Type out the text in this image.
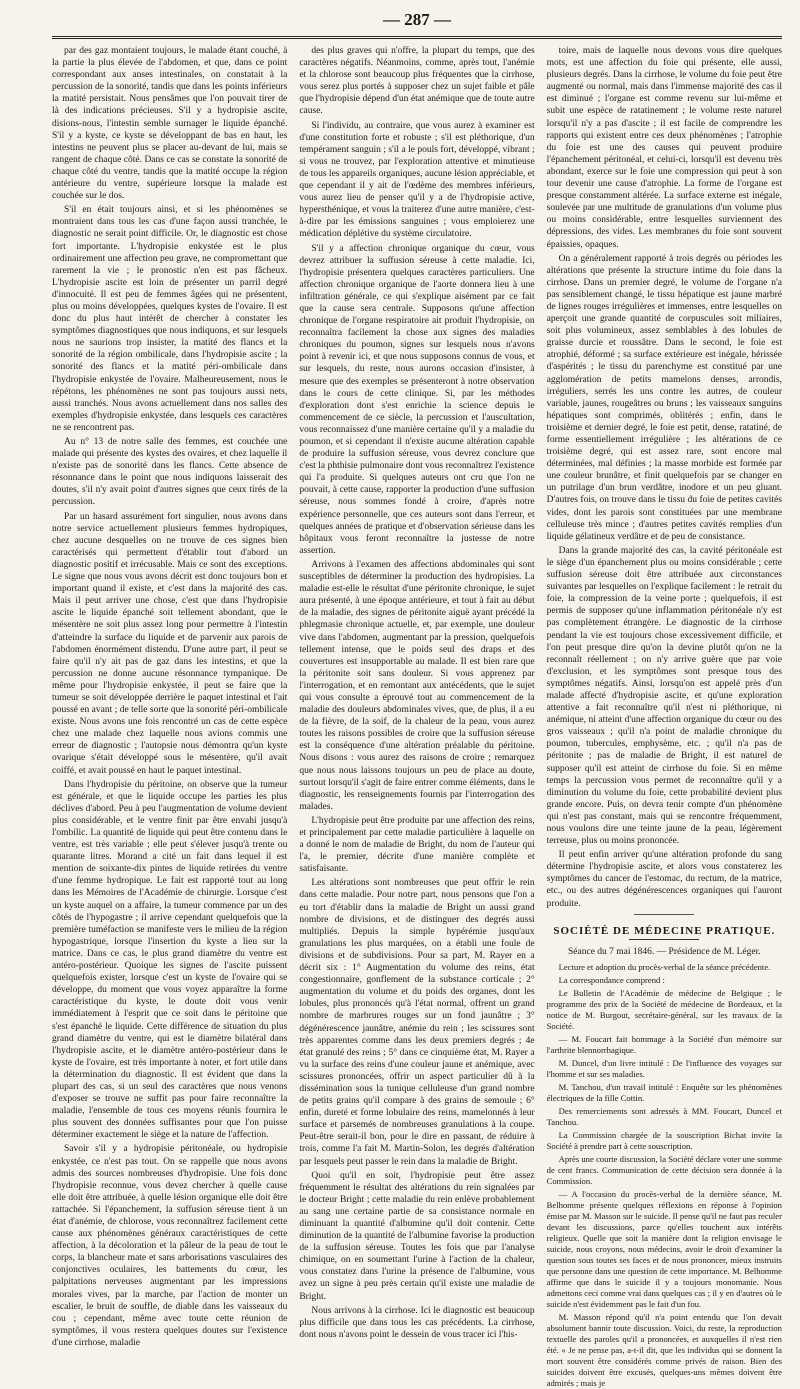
— 287 —

par des gaz montaient toujours, le malade étant couché, à la partie la plus élevée de l'abdomen, et que, dans ce point correspondant aux anses intestinales, on constatait à la percussion de la sonorité, tandis que dans les points inférieurs la matité persistait. Nous pensâmes que l'on pouvait tirer de là des indications précieuses. S'il y a hydropisie ascite, disions-nous, l'intestin semble surnager le liquide épanché. S'il y a kyste, ce kyste se développant de bas en haut, les intestins ne peuvent plus se placer au-devant de lui, mais se rangent de chaque côté. Dans ce cas se constate la sonorité de chaque côté du ventre, tandis que la matité occupe la région antérieure du ventre, supérieure lorsque la malade est couchée sur le dos.

S'il en était toujours ainsi, et si les phénomènes se montraient dans tous les cas d'une façon aussi tranchée, le diagnostic ne serait point difficile. Or, le diagnostic est chose fort importante. L'hydropisie enkystée est le plus ordinairement une affection peu grave, ne compromettant que rarement la vie ; le pronostic n'en est pas fâcheux. L'hydropisie ascite est loin de présenter un parril degré d'innocuité. Il est peu de femmes âgées qui ne présentent, plus ou moins développées, quelques kystes de l'ovaire. Il est donc du plus haut intérêt de chercher à constater les symptômes diagnostiques que nous indiquons, et sur lesquels nous ne saurions trop insister, la matité des flancs et la sonorité de la région ombilicale, dans l'hydropisie ascite ; la sonorité des flancs et la matité péri-ombilicale dans l'hydropisie enkystée de l'ovaire. Malheureusement, nous le répétons, les phénomènes ne sont pas toujours aussi nets, aussi tranchés. Nous avons actuellement dans nos salles des exemples d'hydropisie enkystée, dans lesquels ces caractères ne se rencontrent pas.

Au n° 13 de notre salle des femmes, est couchée une malade qui présente des kystes des ovaires, et chez laquelle il n'existe pas de sonorité dans les flancs. Cette absence de résonnance dans le point que nous indiquons laisserait des doutes, s'il n'y avait point d'autres signes que ceux tirés de la percussion.

Par un hasard assurément fort singulier, nous avons dans notre service actuellement plusieurs femmes hydropiques, chez aucune desquelles on ne trouve de ces signes bien caractérisés qui permettent d'établir tout d'abord un diagnostic positif et irrécusable. Mais ce sont des exceptions. Le signe que nous vous avons décrit est donc toujours bon et important quand il existe, et c'est dans la majorité des cas. Mais il peut arriver une chose, c'est que dans l'hydropisie ascite le liquide épanché soit tellement abondant, que le mésentère ne soit plus assez long pour permettre à l'intestin d'atteindre la surface du liquide et de parvenir aux parois de l'abdomen énormément distendu. D'une autre part, il peut se faire qu'il n'y ait pas de gaz dans les intestins, et que la percussion ne donne aucune résonnance tympanique. De même pour l'hydropisie enkystée, il peut se faire que la tumeur se soit développée derrière le paquet intestinal et l'ait poussé en avant ; de telle sorte que la sonorité péri-ombilicale existe. Nous avons une fois rencontré un cas de cette espèce chez une malade chez laquelle nous avions commis une erreur de diagnostic ; l'autopsie nous démontra qu'un kyste ovarique s'était développé sous le mésentère, qu'il avait coiffé, et avait poussé en haut le paquet intestinal.

Dans l'hydropisie du péritoine, on observe que la tumeur est générale, et que le liquide occupe les parties les plus déclives d'abord. Peu à peu l'augmentation de volume devient plus considérable, et le ventre finit par être envahi jusqu'à l'ombilic. La quantité de liquide qui peut être contenu dans le ventre, est très variable ; elle peut s'élever jusqu'à trente ou quarante litres. Morand a cité un fait dans lequel il est mention de soixante-dix pintes de liquide retirées du ventre d'une femme hydropique. Le fait est rapporté tout au long dans les Mémoires de l'Académie de chirurgie. Lorsque c'est un kyste auquel on a affaire, la tumeur commence par un des côtés de l'hypogastre ; il arrive cependant quelquefois que la première tuméfaction se manifeste vers le milieu de la région hypogastrique, lorsque l'insertion du kyste a lieu sur la matrice. Dans ce cas, le plus grand diamètre du ventre est antéro-postérieur. Quoique les signes de l'ascite puissent quelquefois exister, lorsque c'est un kyste de l'ovaire qui se développe, du moment que vous voyez apparaître la forme caractéristique du kyste, le doute doit vous venir immédiatement à l'esprit que ce soit dans le péritoine que s'est épanché le liquide. Cette différence de situation du plus grand diamètre du ventre, qui est le diamètre bilatéral dans l'hydropisie ascite, et le diamètre antéro-postérieur dans le kyste de l'ovaire, est très importante à noter, et fort utile dans la détermination du diagnostic. Il est évident que dans la plupart des cas, si un seul des caractères que nous venons d'exposer se trouve ne suffit pas pour faire reconnaître la maladie, l'ensemble de tous ces moyens réunis fournira le plus souvent des données suffisantes pour que l'on puisse déterminer exactement le siège et la nature de l'affection.

Savoir s'il y a hydropisie péritonéale, ou hydropisie enkystée, ce n'est pas tout. On se rappelle que nous avons admis des sources nombreuses d'hydropisie. Une fois donc l'hydropisie reconnue, vous devez chercher à quelle cause elle doit être attribuée, à quelle lésion organique elle doit être rattachée. Si l'épanchement, la suffusion séreuse tient à un état d'anémie, de chlorose, vous reconnaîtrez facilement cette cause aux phénomènes généraux caractéristiques de cette affection, à la décoloration et la pâleur de la peau de tout le corps, la blancheur mate et sans arborisations vasculaires des conjonctives oculaires, les battements du cœur, les palpitations nerveuses augmentant par les impressions morales vives, par la marche, par l'action de monter un escalier, le bruit de souffle, de diable dans les vaisseaux du cou ; cependant, même avec toute cette réunion de symptômes, il vous restera quelques doutes sur l'existence d'une cirrhose, maladie

des plus graves qui n'offre, la plupart du temps, que des caractères négatifs. Néanmoins, comme, après tout, l'anémie et la chlorose sont beaucoup plus fréquentes que la cirrhose, vous serez plus portés à supposer chez un sujet faible et pâle que l'hydropisie dépend d'un état anémique que de toute autre cause.

Si l'individu, au contraire, que vous aurez à examiner est d'une constitution forte et robuste ; s'il est pléthorique, d'un tempérament sanguin ; s'il a le pouls fort, développé, vibrant ; si vous ne trouvez, par l'exploration attentive et minutieuse de tous les appareils organiques, aucune lésion appréciable, et que cependant il y ait de l'œdème des membres inférieurs, vous aurez lieu de penser qu'il y a de l'hydropisie active, hypersthénique, et vous la traiterez d'une autre manière, c'est-à-dire par les émissions sanguines ; vous emploierez une médication déplétive du système circulatoire.

S'il y a affection chronique organique du cœur, vous devrez attribuer la suffusion séreuse à cette maladie. Ici, l'hydropisie présentera quelques caractères particuliers. Une affection chronique organique de l'aorte donnera lieu à une infiltration générale, ce qui s'explique aisément par ce fait que la cause sera centrale. Supposons qu'une affection chronique de l'organe respiratoire ait produit l'hydropisie, on reconnaîtra facilement la chose aux signes des maladies chroniques du poumon, signes sur lesquels nous n'avons point à revenir ici, et que nous supposons connus de vous, et sur lesquels, du reste, nous aurons occasion d'insister, à mesure que des exemples se présenteront à notre observation dans le cours de cette clinique. Si, par les méthodes d'exploration dont s'est enrichie la science depuis le commencement de ce siècle, la percussion et l'auscultation, vous reconnaissez d'une manière certaine qu'il y a maladie du poumon, et si cependant il n'existe aucune altération capable de produire la suffusion séreuse, vous devrez conclure que c'est la phthisie pulmonaire dont vous reconnaîtrez l'existence qui l'a produite. Si quelques auteurs ont cru que l'on ne pouvait, à cette cause, rapporter la production d'une suffusion séreuse, nous sommes fondé à croire, d'après notre expérience personnelle, que ces auteurs sont dans l'erreur, et quelques années de pratique et d'observation sérieuse dans les hôpitaux vous feront reconnaître la justesse de notre assertion.

Arrivons à l'examen des affections abdominales qui sont susceptibles de déterminer la production des hydropisies. La maladie est-elle le résultat d'une péritonite chronique, le sujet aura présenté, à une époque antérieure, et tout à fait au début de la maladie, des signes de péritonite aiguë ayant précédé la phlegmasie chronique actuelle, et, par exemple, une douleur vive dans l'abdomen, augmentant par la pression, quelquefois tellement intense, que le poids seul des draps et des couvertures est insupportable au malade. Il est bien rare que la péritonite soit sans douleur. Si vous apprenez par l'interrogation, et en remontant aux antécédents, que le sujet qui vous consulte a éprouvé tout au commencement de la maladie des douleurs abdominales vives, que, de plus, il a eu de la fièvre, de la soif, de la chaleur de la peau, vous aurez toutes les raisons possibles de croire que la suffusion séreuse est la conséquence d'une altération préalable du péritoine. Nous disons : vous aurez des raisons de croire ; remarquez que nous nous laissons toujours un peu de place au doute, surtout lorsqu'il s'agit de faire entrer comme éléments, dans le diagnostic, les renseignements fournis par l'interrogation des malades.

L'hydropisie peut être produite par une affection des reins, et principalement par cette maladie particulière à laquelle on a donné le nom de maladie de Bright, du nom de l'auteur qui l'a, le premier, décrite d'une manière complète et satisfaisante.

Les altérations sont nombreuses que peut offrir le rein dans cette maladie. Pour notre part, nous pensons que l'on a eu tort d'établir dans la maladie de Bright un aussi grand nombre de divisions, et de distinguer des degrés aussi multipliés. Depuis la simple hypérémie jusqu'aux granulations les plus marquées, on a établi une foule de divisions et de subdivisions. Pour sa part, M. Rayer en a décrit six : 1° Augmentation du volume des reins, état congestionnaire, gonflement de la substance corticale ; 2° augmentation du volume et du poids des organes, dont les lobules, plus prononcés qu'à l'état normal, offrent un grand nombre de marbrures rouges sur un fond jaunâtre ; 3° dégénérescence jaunâtre, anémie du rein ; les scissures sont très apparentes comme dans les deux premiers degrés ; 4e état granulé des reins ; 5° dans ce cinquième état, M. Rayer a vu la surface des reins d'une couleur jaune et anémique, avec scissures prononcées, offrir un aspect particulier dû à la dissémination sous la tunique celluleuse d'un grand nombre de petits grains qu'il compare à des grains de semoule ; 6° enfin, dureté et forme lobulaire des reins, mamelonnés à leur surface et parsemés de nombreuses granulations à la coupe. Peut-être serait-il bon, pour le dire en passant, de réduire à trois, comme l'a fait M. Martin-Solon, les degrés d'altération par lesquels peut passer le rein dans la maladie de Bright.

Quoi qu'il en soit, l'hydropisie peut être assez fréquemment le résultat des altérations du rein signalées par le docteur Bright ; cette maladie du rein enlève probablement au sang une certaine partie de sa consistance normale en diminuant la quantité d'albumine qu'il doit contenir. Cette diminution de la quantité de l'albumine favorise la production de la suffusion séreuse. Toutes les fois que par l'analyse chimique, on en soumettant l'urine à l'action de la chaleur, vous constatez dans l'urine la présence de l'albumine, vous avez un signe à peu près certain qu'il existe une maladie de Bright.

Nous arrivons à la cirrhose. Ici le diagnostic est beaucoup plus difficile que dans tous les cas précédents. La cirrhose, dont nous n'avons point le dessein de vous tracer ici l'his-

toire, mais de laquelle nous devons vous dire quelques mots, est une affection du foie qui présente, elle aussi, plusieurs degrés. Dans la cirrhose, le volume du foie peut être augmenté ou normal, mais dans l'immense majorité des cas il est diminué ; l'organe est comme revenu sur lui-même et subit une espèce de ratatinement ; le volume reste naturel lorsqu'il n'y a pas d'ascite ; il est facile de comprendre les rapports qui existent entre ces deux phénomènes ; l'atrophie du foie est une des causes qui peuvent produire l'épanchement péritonéal, et celui-ci, lorsqu'il est devenu très abondant, exerce sur le foie une compression qui peut à son tour devenir une cause d'atrophie. La forme de l'organe est presque constamment altérée. La surface externe est inégale, soulevée par une multitude de granulations d'un volume plus ou moins considérable, entre lesquelles surviennent des dépressions, des vides. Les membranes du foie sont souvent épaissies, opaques.

On a généralement rapporté à trois degrés ou périodes les altérations que présente la structure intime du foie dans la cirrhose. Dans un premier degré, le volume de l'organe n'a pas sensiblement changé, le tissu hépatique est jaune marbré de lignes rouges irrégulières et immenses, entre lesquelles on aperçoit une grande quantité de corpuscules soit miliaires, soit plus volumineux, assez semblables à des lobules de graisse durcie et roussâtre. Dans le second, le foie est atrophié, déformé ; sa surface extérieure est inégale, hérissée d'aspérités ; le tissu du parenchyme est constitué par une agglomération de petits mamelons denses, arrondis, irréguliers, serrés les uns contre les autres, de couleur variable, jaunes, rougeâtres ou bruns ; les vaisseaux sanguins hépatiques sont comprimés, oblitérés ; enfin, dans le troisième et dernier degré, le foie est petit, dense, ratatiné, de forme essentiellement irrégulière ; les altérations de ce troisième degré, qui est assez rare, sont encore mal déterminées, mal définies ; la masse morbide est formée par une couleur brunâtre, et finit quelquefois par se changer en un putrilage d'un brun verdâtre, inodore et un peu gluant. D'autres fois, on trouve dans le tissu du foie de petites cavités vides, dont les parois sont constituées par une membrane celluleuse très mince ; d'autres petites cavités remplies d'un liquide gélatineux verdâtre et de peu de consistance.

Dans la grande majorité des cas, la cavité péritonéale est le siège d'un épanchement plus ou moins considérable ; cette suffusion séreuse doit être attribuée aux circonstances suivantes par lesquelles on l'explique facilement : le retrait du foie, la compression de la veine porte ; quelquefois, il est permis de supposer qu'une inflammation péritonéale n'y est pas complètement étrangère. Le diagnostic de la cirrhose pendant la vie est toujours chose excessivement difficile, et l'on peut presque dire qu'on la devine plutôt qu'on ne la reconnaît réellement ; on n'y arrive guère que par voie d'exclusion, et les symptômes sont presque tous des symptômes négatifs. Ainsi, lorsqu'on est appelé près d'un malade affecté d'hydropisie ascite, et qu'une exploration attentive a fait reconnaître qu'il n'est ni pléthorique, ni anémique, ni atteint d'une affection organique du cœur ou des gros vaisseaux ; qu'il n'a point de maladie chronique du poumon, tubercules, emphysème, etc. ; qu'il n'a pas de péritonite ; pas de maladie de Bright, il est naturel de supposer qu'il est atteint de cirrhose du foie. Si en même temps la percussion vous permet de reconnaître qu'il y a diminution du volume du foie, cette probabilité devient plus grande encore. Puis, on devra tenir compte d'un phénomène qui n'est pas constant, mais qui se rencontre fréquemment, nous voulons dire une teinte jaune de la peau, légèrement terreuse, plus ou moins prononcée.

Il peut enfin arriver qu'une altération profonde du sang détermine l'hydropisie ascite, et alors vous constaterez les symptômes du cancer de l'estomac, du rectum, de la matrice, etc., ou des autres dégénérescences organiques qui l'auront produite.

SOCIÉTÉ DE MÉDECINE PRATIQUE.
Séance du 7 mai 1846. — Présidence de M. Léger.

Lecture et adoption du procès-verbal de la séance précédente.

La correspondance comprend :

Le Bulletin de l'Académie de médecine de Belgique ; le programme des prix de la Société de médecine de Bordeaux, et la notice de M. Burgout, secrétaire-général, sur les travaux de la Société.

— M. Foucart fait hommage à la Société d'un mémoire sur l'arthrite blennorrhagique.

M. Duncel, d'un livre intitulé : De l'influence des voyages sur l'homme et sur ses maladies.

M. Tanchou, d'un travail intitulé : Enquête sur les phénomènes électriques de la fille Cottin.

Des remerciements sont adressés à MM. Foucart, Duncel et Tanchou.

La Commission chargée de la souscription Bichat invite la Société à prendre part à cette souscription.

Après une courte discussion, la Société déclare voter une somme de cent francs. Communication de cette décision sera donnée à la Commission.

— A l'occasion du procès-verbal de la dernière séance, M. Belhomme présente quelques réflexions en réponse à l'opinion émise par M. Masson sur le suicide. Il pense qu'il ne faut pas reculer devant les discussions, parce qu'elles touchent aux intérêts religieux. Quelle que soit la manière dont la religion envisage le suicide, nous croyons, nous médecins, avoir le droit d'examiner la question sous toutes ses faces et de nous prononcer, mieux instruits que personne dans une question de cette importance. M. Belhomme affirme que dans le suicide il y a toujours monomanie. Nous admettons ceci comme vrai dans quelques cas ; il y en d'autres où le suicide n'est évidemment pas le fait d'un fou.

M. Masson répond qu'il n'a point entendu que l'on devait absolument bannir toute discussion. Voici, du reste, la reproduction textuelle des paroles qu'il a prononcées, et auxquelles il n'est rien été. « Je ne pense pas, a-t-il dit, que les individus qui se donnent la mort souvent être considérés comme privés de raison. Bien des suicides doivent être excusés, quelques-uns mêmes doivent être admirés ; mais je
